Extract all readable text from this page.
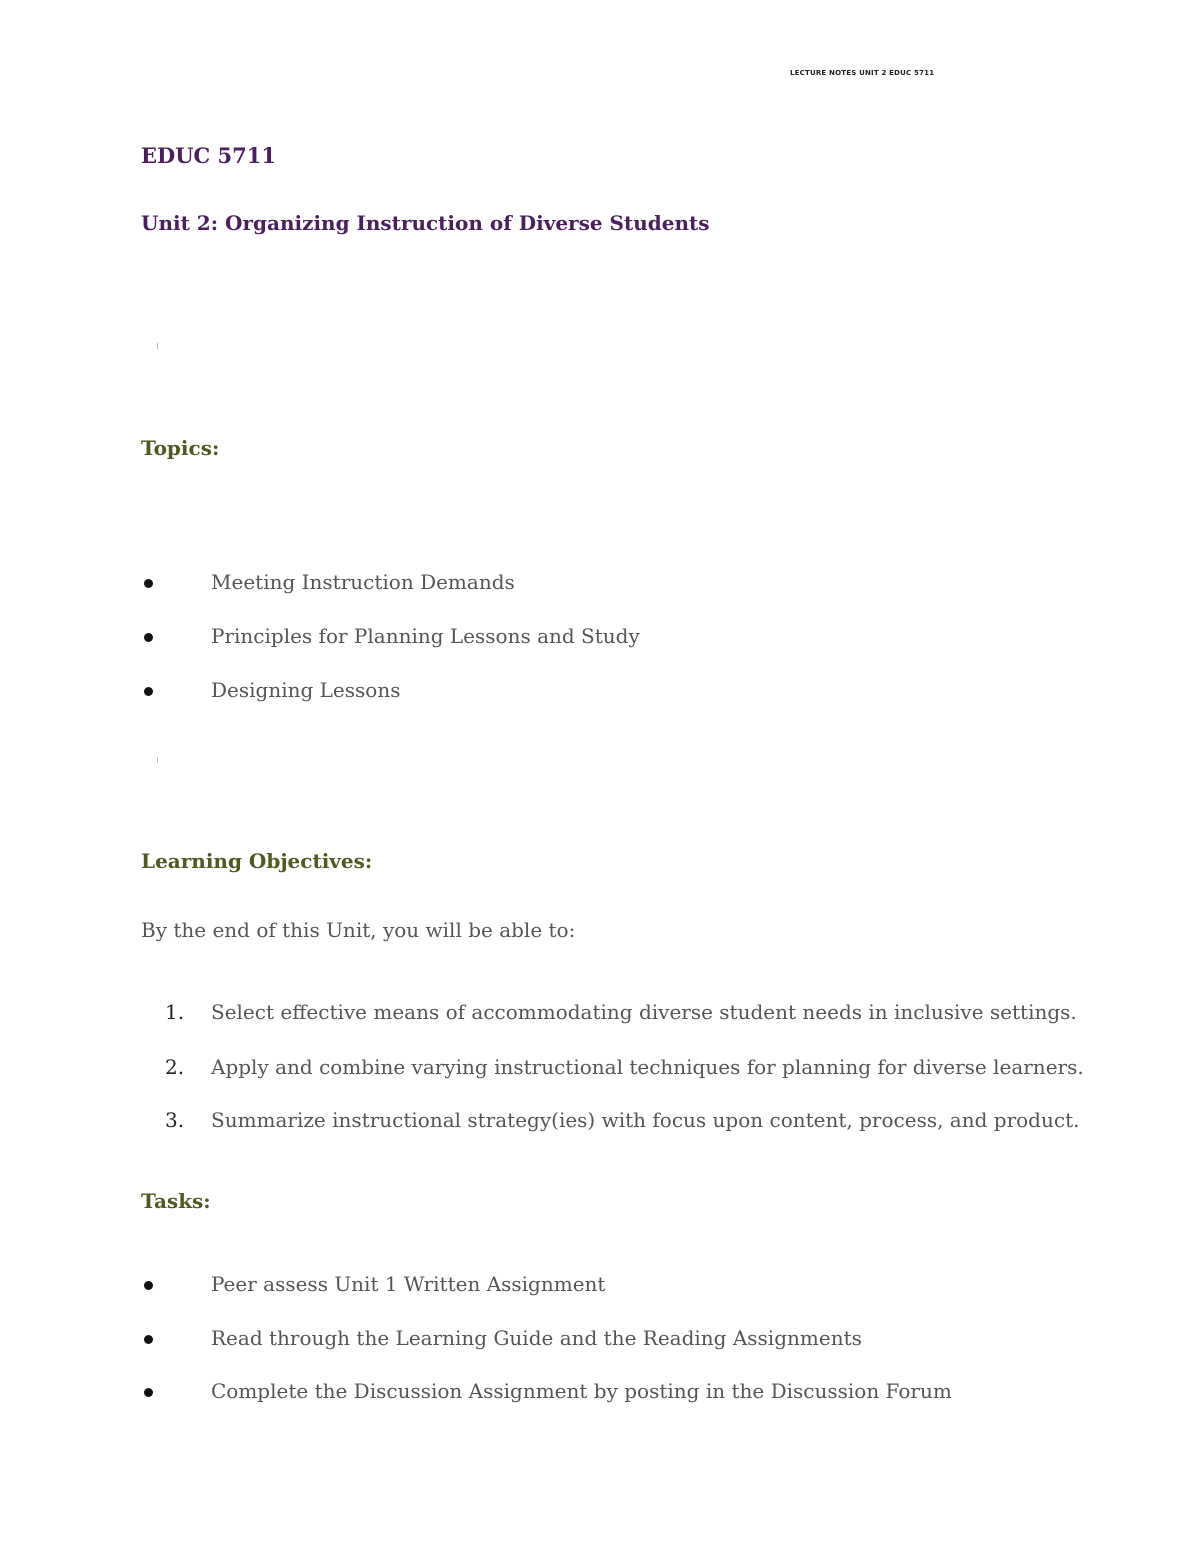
LECTURE NOTES UNIT 2 EDUC 5711
EDUC 5711
Unit 2: Organizing Instruction of Diverse Students
Topics:
Meeting Instruction Demands
Principles for Planning Lessons and Study
Designing Lessons
Learning Objectives:
By the end of this Unit, you will be able to:
1. Select effective means of accommodating diverse student needs in inclusive settings.
2. Apply and combine varying instructional techniques for planning for diverse learners.
3. Summarize instructional strategy(ies) with focus upon content, process, and product.
Tasks:
Peer assess Unit 1 Written Assignment
Read through the Learning Guide and the Reading Assignments
Complete the Discussion Assignment by posting in the Discussion Forum
